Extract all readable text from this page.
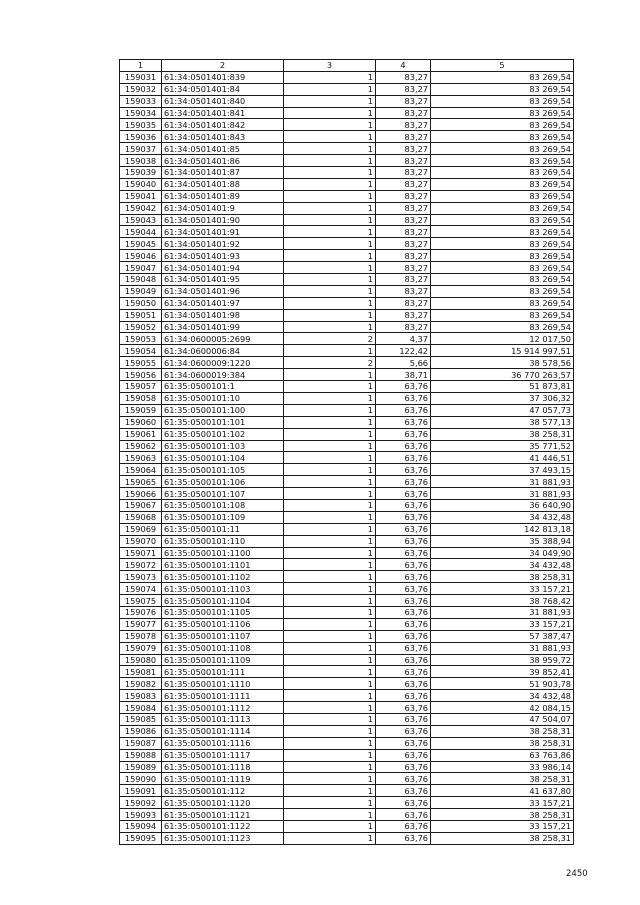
1	2	3	4	5
159031	61:34:0501401:839	1	83,27	83 269,54
159032	61:34:0501401:84	1	83,27	83 269,54
159033	61:34:0501401:840	1	83,27	83 269,54
159034	61:34:0501401:841	1	83,27	83 269,54
159035	61:34:0501401:842	1	83,27	83 269,54
159036	61:34:0501401:843	1	83,27	83 269,54
159037	61:34:0501401:85	1	83,27	83 269,54
159038	61:34:0501401:86	1	83,27	83 269,54
159039	61:34:0501401:87	1	83,27	83 269,54
159040	61:34:0501401:88	1	83,27	83 269,54
159041	61:34:0501401:89	1	83,27	83 269,54
159042	61:34:0501401:9	1	83,27	83 269,54
159043	61:34:0501401:90	1	83,27	83 269,54
159044	61:34:0501401:91	1	83,27	83 269,54
159045	61:34:0501401:92	1	83,27	83 269,54
159046	61:34:0501401:93	1	83,27	83 269,54
159047	61:34:0501401:94	1	83,27	83 269,54
159048	61:34:0501401:95	1	83,27	83 269,54
159049	61:34:0501401:96	1	83,27	83 269,54
159050	61:34:0501401:97	1	83,27	83 269,54
159051	61:34:0501401:98	1	83,27	83 269,54
159052	61:34:0501401:99	1	83,27	83 269,54
159053	61:34:0600005:2699	2	4,37	12 017,50
159054	61:34:0600006:84	1	122,42	15 914 997,51
159055	61:34:0600009:1220	2	5,66	38 578,56
159056	61:34:0600019:384	1	38,71	36 770 263,57
159057	61:35:0500101:1	1	63,76	51 873,81
159058	61:35:0500101:10	1	63,76	37 306,32
159059	61:35:0500101:100	1	63,76	47 057,73
159060	61:35:0500101:101	1	63,76	38 577,13
159061	61:35:0500101:102	1	63,76	38 258,31
159062	61:35:0500101:103	1	63,76	35 771,52
159063	61:35:0500101:104	1	63,76	41 446,51
159064	61:35:0500101:105	1	63,76	37 493,15
159065	61:35:0500101:106	1	63,76	31 881,93
159066	61:35:0500101:107	1	63,76	31 881,93
159067	61:35:0500101:108	1	63,76	36 640,90
159068	61:35:0500101:109	1	63,76	34 432,48
159069	61:35:0500101:11	1	63,76	142 813,18
159070	61:35:0500101:110	1	63,76	35 388,94
159071	61:35:0500101:1100	1	63,76	34 049,90
159072	61:35:0500101:1101	1	63,76	34 432,48
159073	61:35:0500101:1102	1	63,76	38 258,31
159074	61:35:0500101:1103	1	63,76	33 157,21
159075	61:35:0500101:1104	1	63,76	38 768,42
159076	61:35:0500101:1105	1	63,76	31 881,93
159077	61:35:0500101:1106	1	63,76	33 157,21
159078	61:35:0500101:1107	1	63,76	57 387,47
159079	61:35:0500101:1108	1	63,76	31 881,93
159080	61:35:0500101:1109	1	63,76	38 959,72
159081	61:35:0500101:111	1	63,76	39 852,41
159082	61:35:0500101:1110	1	63,76	51 903,78
159083	61:35:0500101:1111	1	63,76	34 432,48
159084	61:35:0500101:1112	1	63,76	42 084,15
159085	61:35:0500101:1113	1	63,76	47 504,07
159086	61:35:0500101:1114	1	63,76	38 258,31
159087	61:35:0500101:1116	1	63,76	38 258,31
159088	61:35:0500101:1117	1	63,76	63 763,86
159089	61:35:0500101:1118	1	63,76	33 986,14
159090	61:35:0500101:1119	1	63,76	38 258,31
159091	61:35:0500101:112	1	63,76	41 637,80
159092	61:35:0500101:1120	1	63,76	33 157,21
159093	61:35:0500101:1121	1	63,76	38 258,31
159094	61:35:0500101:1122	1	63,76	33 157,21
159095	61:35:0500101:1123	1	63,76	38 258,31
2450
